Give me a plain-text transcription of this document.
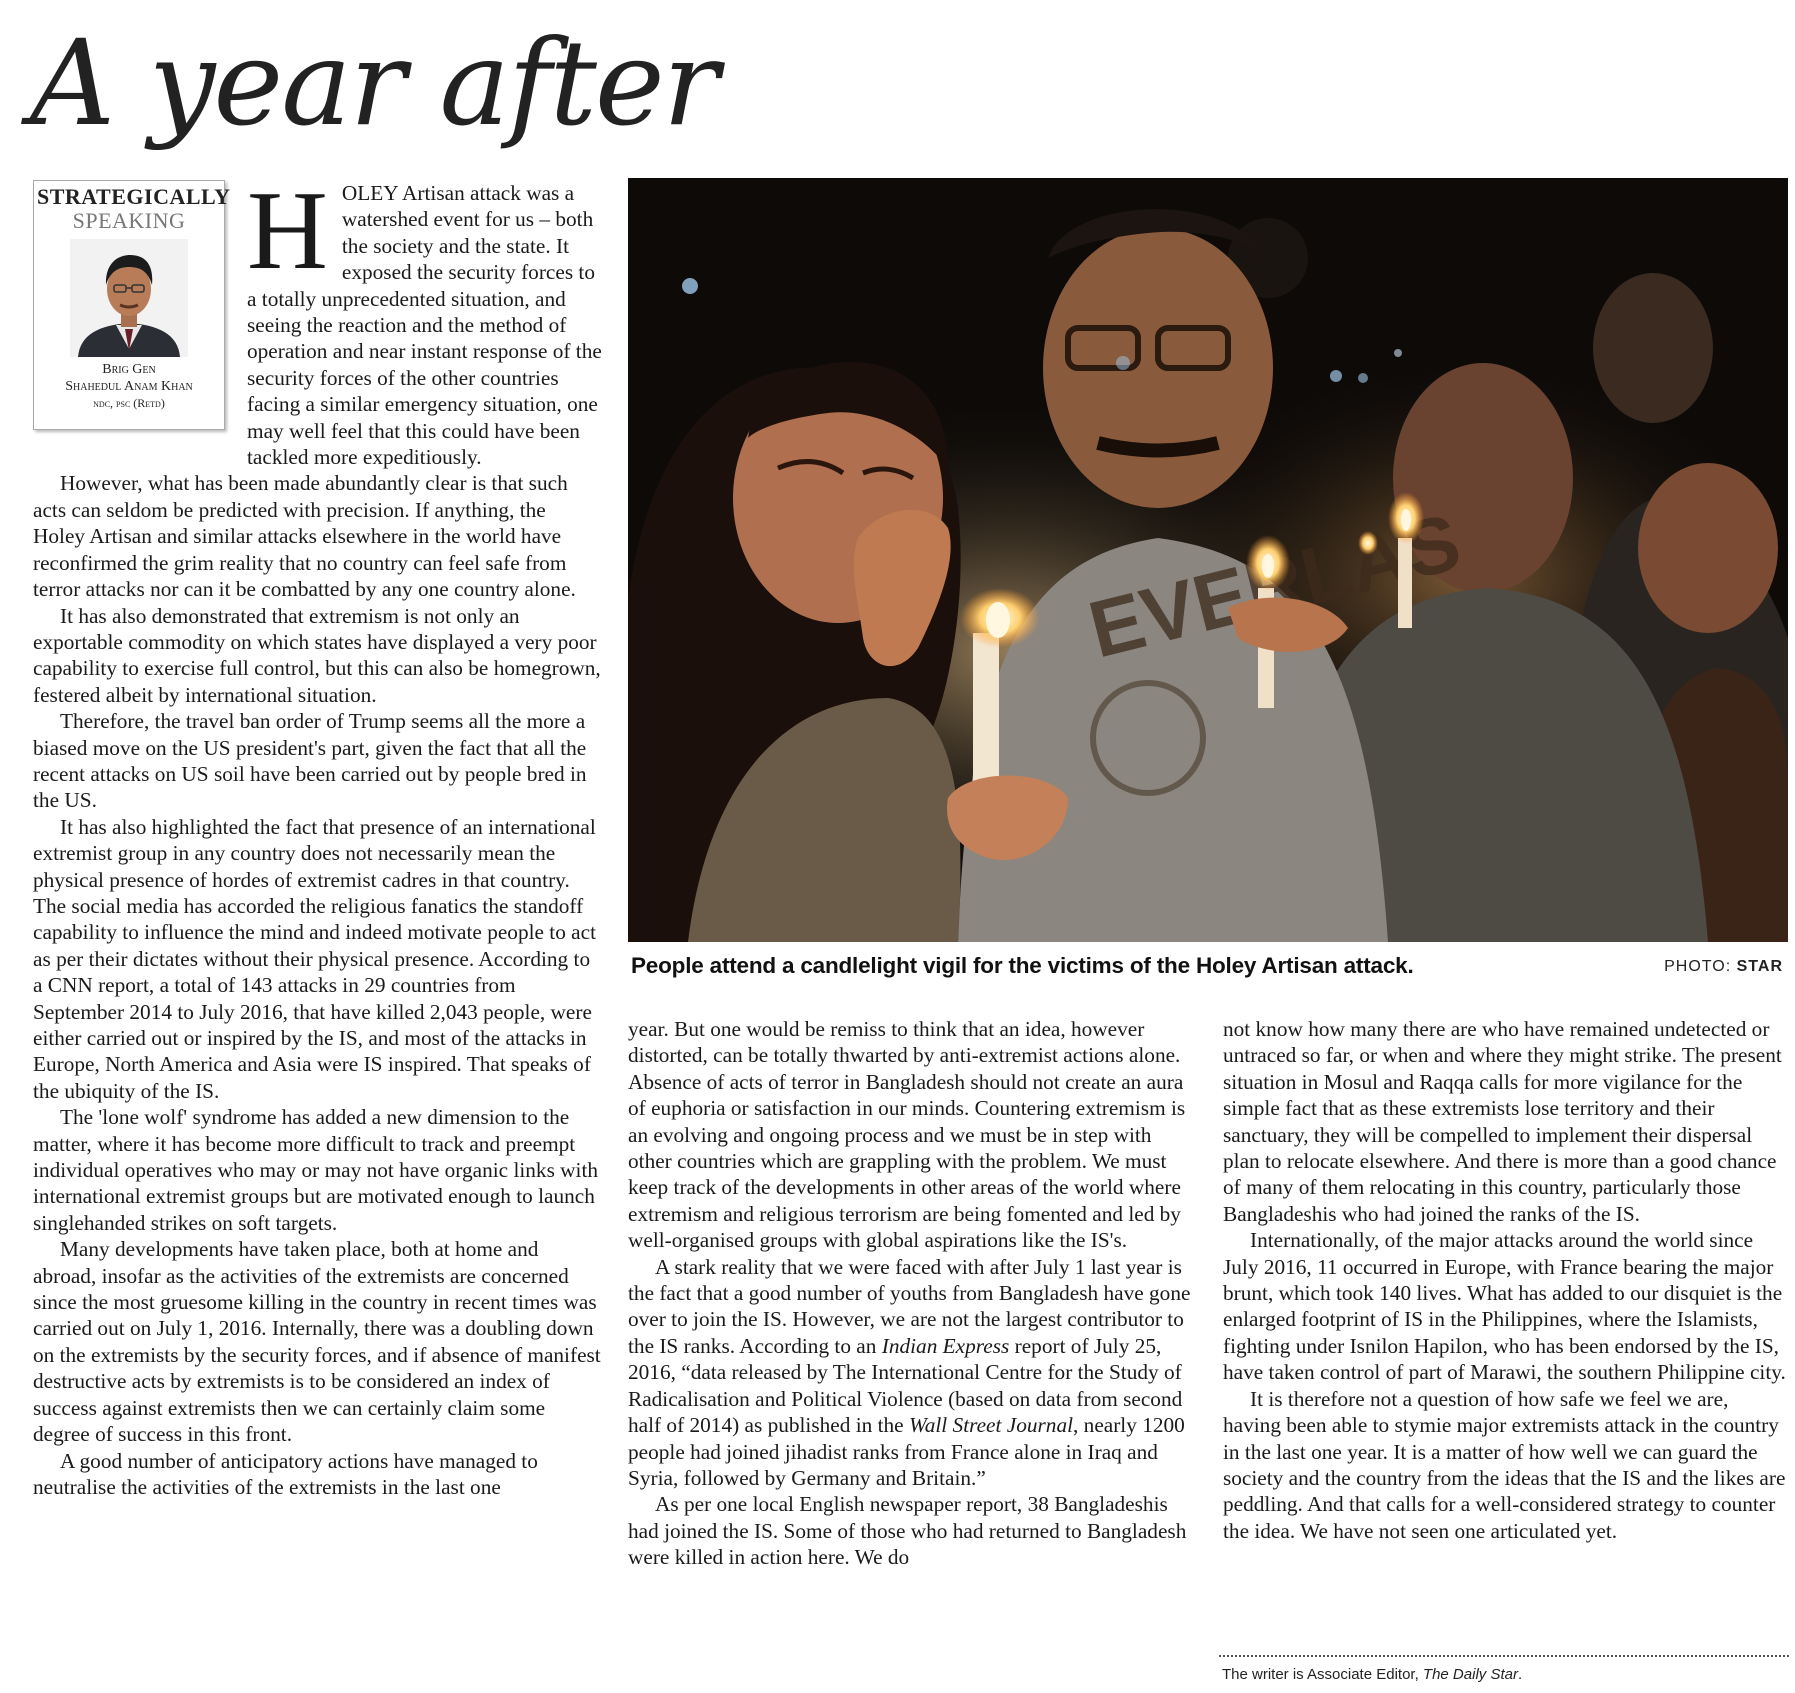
A year after
STRATEGICALLY
SPEAKING
Brig Gen
Shahedul Anam Khan
ndc, psc (Retd)
H OLEY Artisan attack was a watershed event for us – both the society and the state. It exposed the security forces to a totally unprecedented situation, and seeing the reaction and the method of operation and near instant response of the security forces of the other countries facing a similar emergency situation, one may well feel that this could have been tackled more expeditiously.

However, what has been made abundantly clear is that such acts can seldom be predicted with precision. If anything, the Holey Artisan and similar attacks elsewhere in the world have reconfirmed the grim reality that no country can feel safe from terror attacks nor can it be combatted by any one country alone.

It has also demonstrated that extremism is not only an exportable commodity on which states have displayed a very poor capability to exercise full control, but this can also be homegrown, festered albeit by international situation.

Therefore, the travel ban order of Trump seems all the more a biased move on the US president's part, given the fact that all the recent attacks on US soil have been carried out by people bred in the US.

It has also highlighted the fact that presence of an international extremist group in any country does not necessarily mean the physical presence of hordes of extremist cadres in that country. The social media has accorded the religious fanatics the standoff capability to influence the mind and indeed motivate people to act as per their dictates without their physical presence. According to a CNN report, a total of 143 attacks in 29 countries from September 2014 to July 2016, that have killed 2,043 people, were either carried out or inspired by the IS, and most of the attacks in Europe, North America and Asia were IS inspired. That speaks of the ubiquity of the IS.

The 'lone wolf' syndrome has added a new dimension to the matter, where it has become more difficult to track and preempt individual operatives who may or may not have organic links with international extremist groups but are motivated enough to launch singlehanded strikes on soft targets.

Many developments have taken place, both at home and abroad, insofar as the activities of the extremists are concerned since the most gruesome killing in the country in recent times was carried out on July 1, 2016. Internally, there was a doubling down on the extremists by the security forces, and if absence of manifest destructive acts by extremists is to be considered an index of success against extremists then we can certainly claim some degree of success in this front.

A good number of anticipatory actions have managed to neutralise the activities of the extremists in the last one

People attend a candlelight vigil for the victims of the Holey Artisan attack.	PHOTO: STAR

year. But one would be remiss to think that an idea, however distorted, can be totally thwarted by anti-extremist actions alone. Absence of acts of terror in Bangladesh should not create an aura of euphoria or satisfaction in our minds. Countering extremism is an evolving and ongoing process and we must be in step with other countries which are grappling with the problem. We must keep track of the developments in other areas of the world where extremism and religious terrorism are being fomented and led by well-organised groups with global aspirations like the IS's.

A stark reality that we were faced with after July 1 last year is the fact that a good number of youths from Bangladesh have gone over to join the IS. However, we are not the largest contributor to the IS ranks. According to an Indian Express report of July 25, 2016, “data released by The International Centre for the Study of Radicalisation and Political Violence (based on data from second half of 2014) as published in the Wall Street Journal, nearly 1200 people had joined jihadist ranks from France alone in Iraq and Syria, followed by Germany and Britain.”

As per one local English newspaper report, 38 Bangladeshis had joined the IS. Some of those who had returned to Bangladesh were killed in action here. We do

not know how many there are who have remained undetected or untraced so far, or when and where they might strike. The present situation in Mosul and Raqqa calls for more vigilance for the simple fact that as these extremists lose territory and their sanctuary, they will be compelled to implement their dispersal plan to relocate elsewhere. And there is more than a good chance of many of them relocating in this country, particularly those Bangladeshis who had joined the ranks of the IS.

Internationally, of the major attacks around the world since July 2016, 11 occurred in Europe, with France bearing the major brunt, which took 140 lives. What has added to our disquiet is the enlarged footprint of IS in the Philippines, where the Islamists, fighting under Isnilon Hapilon, who has been endorsed by the IS, have taken control of part of Marawi, the southern Philippine city.

It is therefore not a question of how safe we feel we are, having been able to stymie major extremists attack in the country in the last one year. It is a matter of how well we can guard the society and the country from the ideas that the IS and the likes are peddling. And that calls for a well-considered strategy to counter the idea. We have not seen one articulated yet.

The writer is Associate Editor, The Daily Star.
